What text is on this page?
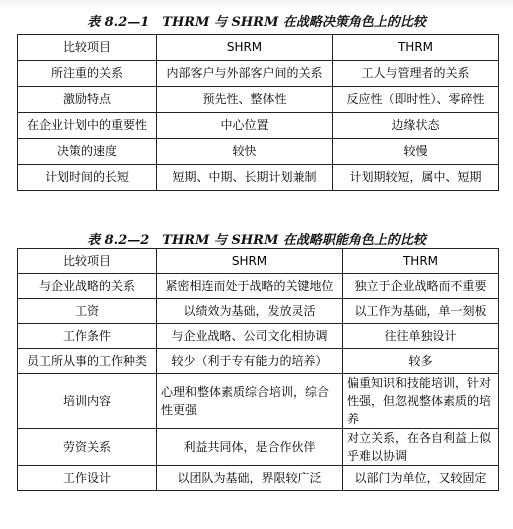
表 8.2—1　THRM 与 SHRM 在战略决策角色上的比较
比较项目	SHRM	THRM
所注重的关系	内部客户与外部客户间的关系	工人与管理者的关系
激励特点	预先性、整体性	反应性（即时性）、零碎性
在企业计划中的重要性	中心位置	边缘状态
决策的速度	较快	较慢
计划时间的长短	短期、中期、长期计划兼制	计划期较短，属中、短期
表 8.2—2　THRM 与 SHRM 在战略职能角色上的比较
比较项目	SHRM	THRM
与企业战略的关系	紧密相连而处于战略的关键地位	独立于企业战略而不重要
工资	以绩效为基础，发放灵活	以工作为基础，单一刻板
工作条件	与企业战略、公司文化相协调	往往单独设计
员工所从事的工作种类	较少（利于专有能力的培养）	较多
培训内容	心理和整体素质综合培训，综合性更强	偏重知识和技能培训，针对性强，但忽视整体素质的培养
劳资关系	利益共同体，是合作伙伴	对立关系，在各自利益上似乎难以协调
工作设计	以团队为基础，界限较广泛	以部门为单位，又较固定
